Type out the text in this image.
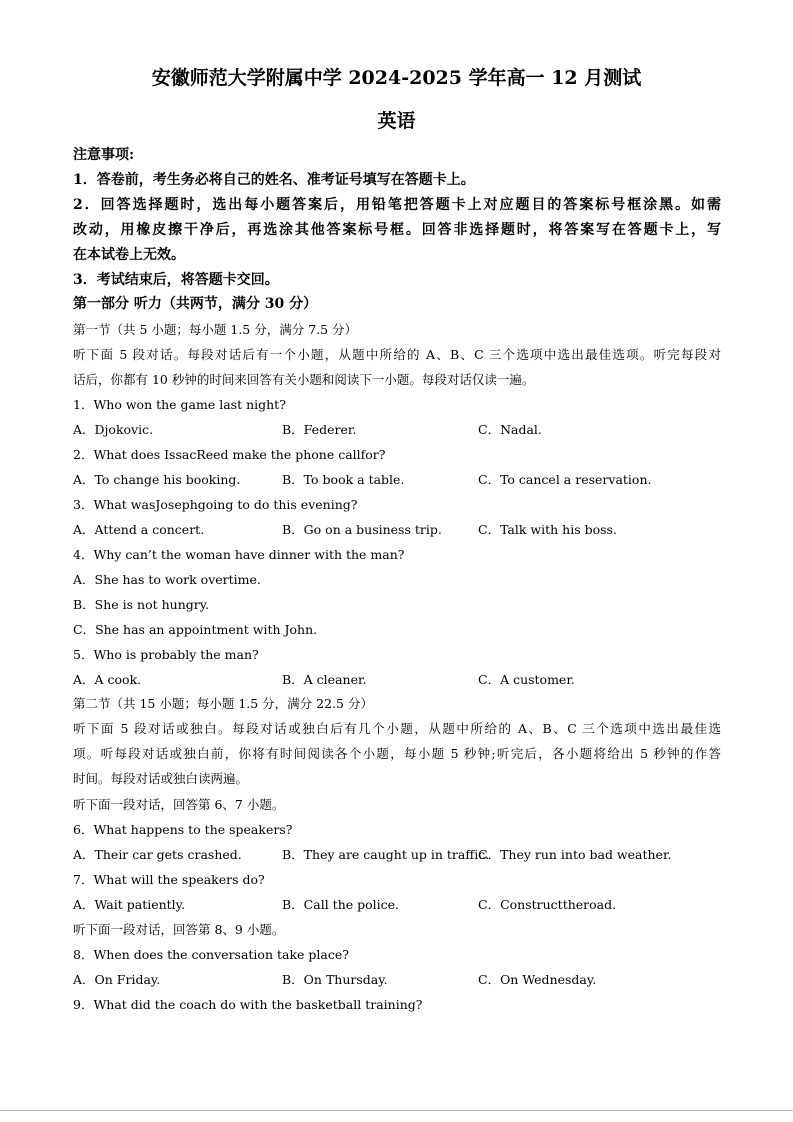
安徽师范大学附属中学 2024-2025 学年高一 12 月测试
英语
注意事项:
1．答卷前，考生务必将自己的姓名、准考证号填写在答题卡上。
2．回答选择题时，选出每小题答案后，用铅笔把答题卡上对应题目的答案标号框涂黑。如需
改动，用橡皮擦干净后，再选涂其他答案标号框。回答非选择题时，将答案写在答题卡上，写
在本试卷上无效。
3．考试结束后，将答题卡交回。
第一部分 听力（共两节，满分 30 分）
第一节（共 5 小题；每小题 1.5 分，满分 7.5 分）
听下面 5 段对话。每段对话后有一个小题，从题中所给的 A、B、C 三个选项中选出最佳选项。听完每段对
话后，你都有 10 秒钟的时间来回答有关小题和阅读下一小题。每段对话仅读一遍。
1．Who won the game last night?
A．Djokovic.	B．Federer.	C．Nadal.
2．What does IssacReed make the phone callfor?
A．To change his booking.	B．To book a table.	C．To cancel a reservation.
3．What wasJosephgoing to do this evening?
A．Attend a concert.	B．Go on a business trip.	C．Talk with his boss.
4．Why can’t the woman have dinner with the man?
A．She has to work overtime.
B．She is not hungry.
C．She has an appointment with John.
5．Who is probably the man?
A．A cook.	B．A cleaner.	C．A customer.
第二节（共 15 小题；每小题 1.5 分，满分 22.5 分）
听下面 5 段对话或独白。每段对话或独白后有几个小题，从题中所给的 A、B、C 三个选项中选出最佳选
项。听每段对话或独白前，你将有时间阅读各个小题，每小题 5 秒钟;听完后，各小题将给出 5 秒钟的作答
时间。每段对话或独白读两遍。
听下面一段对话，回答第 6、7 小题。
6．What happens to the speakers?
A．Their car gets crashed.	B．They are caught up in traffic.
C．They run into bad weather.
7．What will the speakers do?
A．Wait patiently.	B．Call the police.	C．Constructtheroad.
听下面一段对话，回答第 8、9 小题。
8．When does the conversation take place?
A．On Friday.	B．On Thursday.	C．On Wednesday.
9．What did the coach do with the basketball training?
